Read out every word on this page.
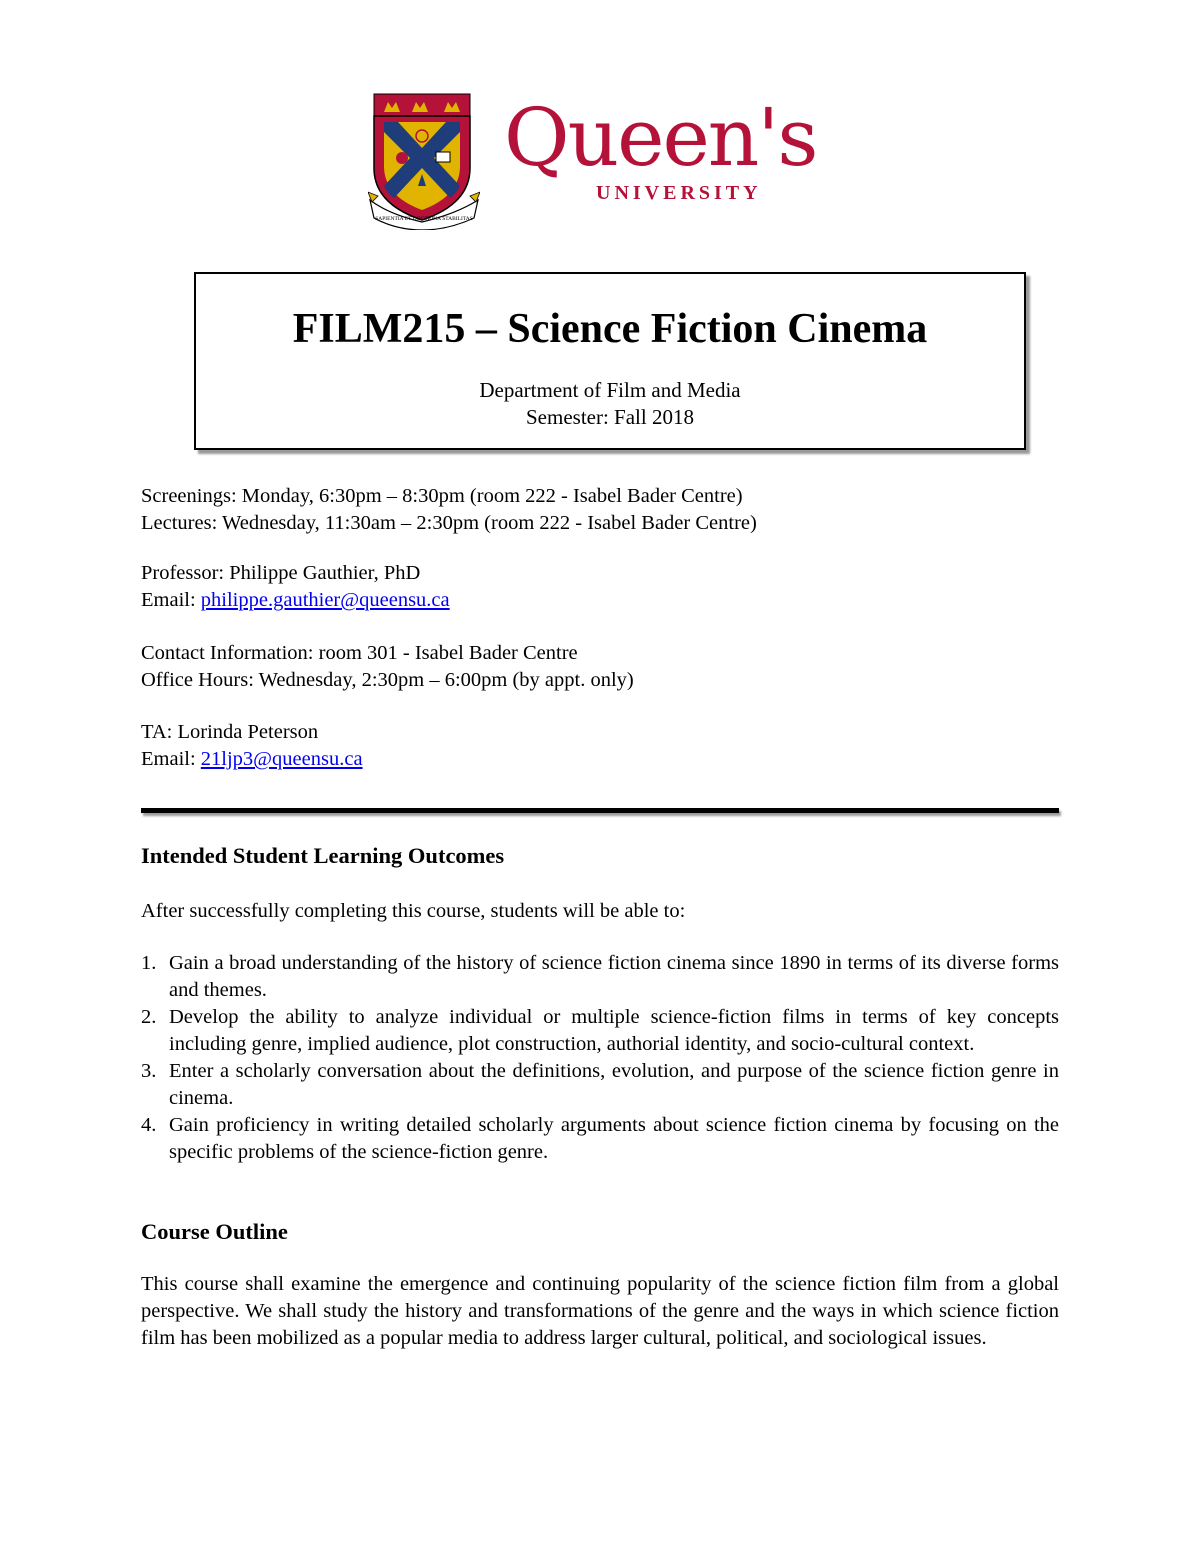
SAPIENTIA ET DOCTRINA STABILITAS
Queen's
UNIVERSITY
FILM215 – Science Fiction Cinema
Department of Film and Media
Semester: Fall 2018

Screenings: Monday, 6:30pm – 8:30pm (room 222 - Isabel Bader Centre)

Lectures: Wednesday, 11:30am – 2:30pm (room 222 - Isabel Bader Centre)

Professor: Philippe Gauthier, PhD

Email: philippe.gauthier@queensu.ca

Contact Information: room 301 - Isabel Bader Centre

Office Hours: Wednesday, 2:30pm – 6:00pm (by appt. only)

TA: Lorinda Peterson

Email: 21ljp3@queensu.ca

Intended Student Learning Outcomes
After successfully completing this course, students will be able to:
1. Gain a broad understanding of the history of science fiction cinema since 1890 in terms of its diverse forms and themes.
2. Develop the ability to analyze individual or multiple science-fiction films in terms of key concepts including genre, implied audience, plot construction, authorial identity, and socio-cultural context.
3. Enter a scholarly conversation about the definitions, evolution, and purpose of the science fiction genre in cinema.
4. Gain proficiency in writing detailed scholarly arguments about science fiction cinema by focusing on the specific problems of the science-fiction genre.
Course Outline
This course shall examine the emergence and continuing popularity of the science fiction film from a global perspective. We shall study the history and transformations of the genre and the ways in which science fiction film has been mobilized as a popular media to address larger cultural, political, and sociological issues.
